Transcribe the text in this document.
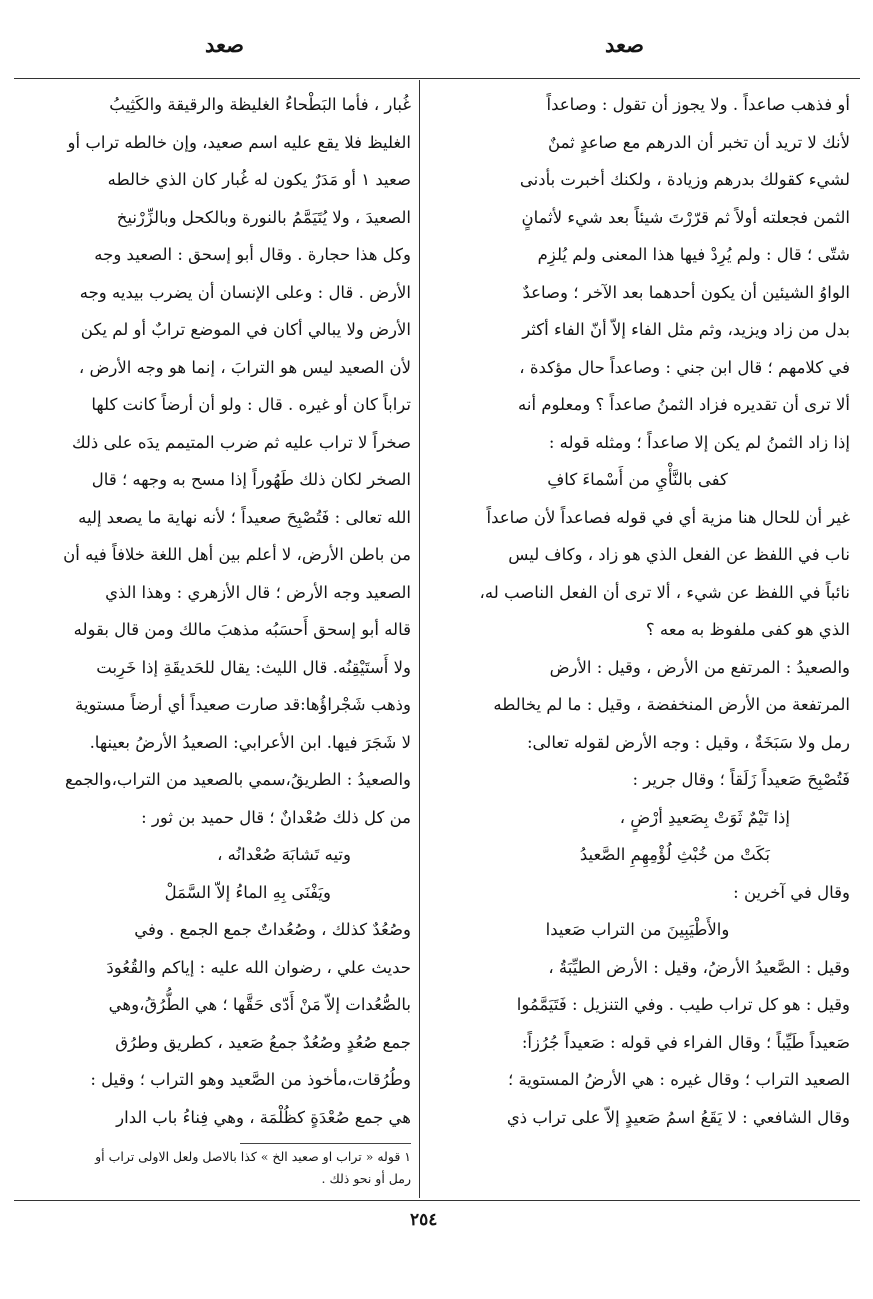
صعد
صعد
أو فذهب صاعداً . ولا يجوز أن تقول : وصاعداً
لأنك لا تريد أن تخبر أن الدرهم مع صاعدٍ ثمنٌ
لشيء كقولك بدرهم وزيادة ، ولكنك أخبرت بأدنى
الثمن فجعلته أولاً ثم قرّرْتَ شيئاً بعد شيء لأثمانٍ
شتّى ؛ قال : ولم يُرِدْ فيها هذا المعنى ولم يُلزِم
الواوُ الشيئين أن يكون أحدهما بعد الآخر ؛ وصاعدٌ
بدل من زاد ويزيد، وثم مثل الفاء إلاّ أنّ الفاء أكثر
في كلامهم ؛ قال ابن جني : وصاعداً حال مؤكدة ،
ألا ترى أن تقديره فزاد الثمنُ صاعداً ؟ ومعلوم أنه
إذا زاد الثمنُ لم يكن إلا صاعداً ؛ ومثله قوله :
كفى بالنَّأْيِ من أَسْماءَ كافِ
غير أن للحال هنا مزية أي في قوله فصاعداً لأن صاعداً
ناب في اللفظ عن الفعل الذي هو زاد ، وكاف ليس
نائباً في اللفظ عن شيء ، ألا ترى أن الفعل الناصب له،
الذي هو كفى ملفوظ به معه ؟
والصعيدُ : المرتفع من الأرض ، وقيل : الأرض
المرتفعة من الأرض المنخفضة ، وقيل : ما لم يخالطه
رمل ولا سَبَخَةٌ ، وقيل : وجه الأرض لقوله تعالى:
فَتُصْبِحَ صَعيداً زَلَقاً ؛ وقال جرير :
إذا تَيْمٌ ثَوَتْ بِصَعيدِ أرْضٍ ،
بَكَتْ من خُبْثِ لُؤْمِهِمِ الصَّعيدُ
وقال في آخرين :
والأَطْيَبِينَ من التراب صَعيدا
وقيل : الصَّعيدُ الأرضُ، وقيل : الأرض الطيِّبَةُ ،
وقيل : هو كل تراب طيب . وفي التنزيل : فَتَيَمَّمُوا
صَعيداً طَيِّباً ؛ وقال الفراء في قوله : صَعيداً جُرُزاً:
الصعيد التراب ؛ وقال غيره : هي الأرضُ المستوية ؛
وقال الشافعي : لا يَقَعُ اسمُ صَعيدٍ إلاّ على تراب ذي
غُبار ، فأما البَطْحاءُ الغليظة والرقيقة والكَثِيبُ
الغليظ فلا يقع عليه اسم صعيد، وإن خالطه تراب أو
صعيد ١ أو مَدَرٌ يكون له غُبار كان الذي خالطه
الصعيدَ ، ولا يُتَيَمَّمُ بالنورة وبالكحل وبالزِّرْنيخ
وكل هذا حجارة . وقال أبو إسحق : الصعيد وجه
الأرض . قال : وعلى الإنسان أن يضرب بيديه وجه
الأرض ولا يبالي أكان في الموضع ترابٌ أو لم يكن
لأن الصعيد ليس هو الترابَ ، إنما هو وجه الأرض ،
تراباً كان أو غيره . قال : ولو أن أرضاً كانت كلها
صخراً لا تراب عليه ثم ضرب المتيمم يدَه على ذلك
الصخر لكان ذلك طَهُوراً إذا مسح به وجهه ؛ قال
الله تعالى : فَتُصْبِحَ صعيداً ؛ لأنه نهاية ما يصعد إليه
من باطن الأرض، لا أعلم بين أهل اللغة خلافاً فيه أن
الصعيد وجه الأرض ؛ قال الأزهري : وهذا الذي
قاله أبو إسحق أَحسَبُه مذهبَ مالك ومن قال بقوله
ولا أَستَيْقِنُه. قال الليث: يقال للحَديقَةِ إذا خَرِبت
وذهب شَجْراؤُها:قد صارت صعيداً أي أرضاً مستوية
لا شَجَرَ فيها. ابن الأعرابي: الصعيدُ الأرضُ بعينها.
والصعيدُ : الطريقُ،سمي بالصعيد من التراب،والجمع
من كل ذلك صُعْدانٌ ؛ قال حميد بن ثور :
وتيه تَشابَهَ صُعْدانُه ،
ويَفْنَى بِهِ الماءُ إلاّ السَّمَلْ
وصُعُدٌ كذلك ، وصُعُداتٌ جمع الجمع . وفي
حديث علي ، رضوان الله عليه : إياكم والقُعُودَ
بالصُّعُدات إلاّ مَنْ أَدّى حَقَّها ؛ هي الطُّرُقُ،وهي
جمع صُعُدٍ وصُعُدٌ جمعُ صَعيد ، كطريق وطرُق
وطُرُقات،مأخوذ من الصَّعيد وهو التراب ؛ وقيل :
هي جمع صُعْدَةٍ كظُلْمَة ، وهي فِناءُ باب الدار
١ قوله « تراب او صعيد الخ » كذا بالاصل ولعل الاولى تراب أو
رمل أو نحو ذلك .
٢٥٤
